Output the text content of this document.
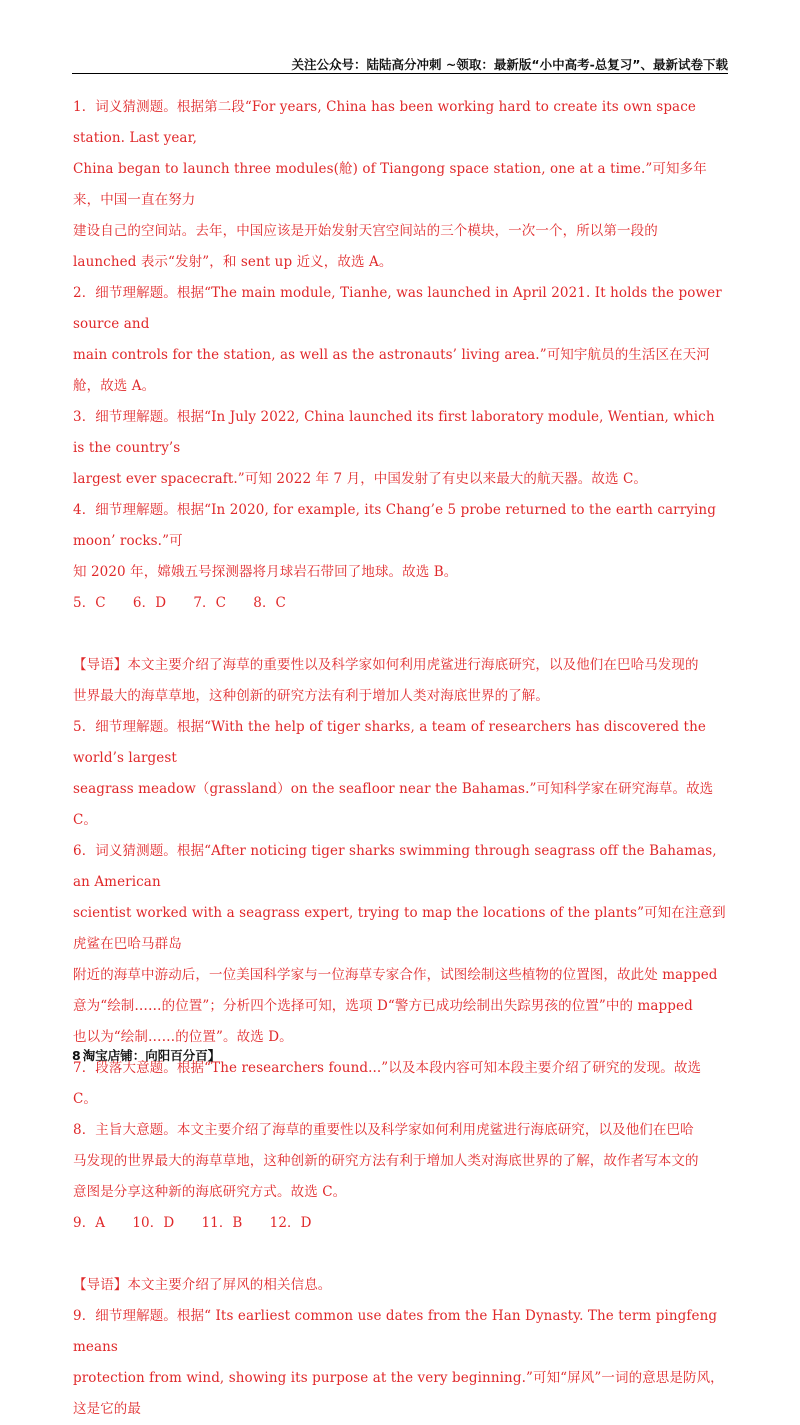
关注公众号：陆陆高分冲刺 ~领取：最新版“小中高考-总复习”、最新试卷下载

1．词义猜测题。根据第二段“For years, China has been working hard to create its own space station. Last year,

China began to launch three modules(舱) of Tiangong space station, one at a time.”可知多年来，中国一直在努力

建设自己的空间站。去年，中国应该是开始发射天宫空间站的三个模块，一次一个，所以第一段的

launched 表示“发射”，和 sent up 近义，故选 A。

2．细节理解题。根据“The main module, Tianhe, was launched in April 2021. It holds the power source and

main controls for the station, as well as the astronauts’ living area.”可知宇航员的生活区在天河舱，故选 A。

3．细节理解题。根据“In July 2022, China launched its first laboratory module, Wentian, which is the country’s

largest ever spacecraft.”可知 2022 年 7 月，中国发射了有史以来最大的航天器。故选 C。

4．细节理解题。根据“In 2020, for example, its Chang’e 5 probe returned to the earth carrying moon’ rocks.”可

知 2020 年，嫦娥五号探测器将月球岩石带回了地球。故选 B。

5．C　　6．D　　7．C　　8．C

【导语】本文主要介绍了海草的重要性以及科学家如何利用虎鲨进行海底研究，以及他们在巴哈马发现的

世界最大的海草草地，这种创新的研究方法有利于增加人类对海底世界的了解。

5．细节理解题。根据“With the help of tiger sharks, a team of researchers has discovered the world’s largest

seagrass meadow（grassland）on the seafloor near the Bahamas.”可知科学家在研究海草。故选 C。

6．词义猜测题。根据“After noticing tiger sharks swimming through seagrass off the Bahamas, an American

scientist worked with a seagrass expert, trying to map the locations of the plants”可知在注意到虎鲨在巴哈马群岛

附近的海草中游动后，一位美国科学家与一位海草专家合作，试图绘制这些植物的位置图，故此处 mapped

意为“绘制……的位置”；分析四个选择可知，选项 D“警方已成功绘制出失踪男孩的位置”中的 mapped

也以为“绘制……的位置”。故选 D。

7．段落大意题。根据“The researchers found...”以及本段内容可知本段主要介绍了研究的发现。故选 C。

8．主旨大意题。本文主要介绍了海草的重要性以及科学家如何利用虎鲨进行海底研究，以及他们在巴哈

马发现的世界最大的海草草地，这种创新的研究方法有利于增加人类对海底世界的了解，故作者写本文的

意图是分享这种新的海底研究方式。故选 C。

9．A　　10．D　　11．B　　12．D

【导语】本文主要介绍了屏风的相关信息。

9．细节理解题。根据“ Its earliest common use dates from the Han Dynasty. The term pingfeng means

protection from wind, showing its purpose at the very beginning.”可知“屏风”一词的意思是防风，这是它的最

8 淘宝店铺：向阳百分百】
